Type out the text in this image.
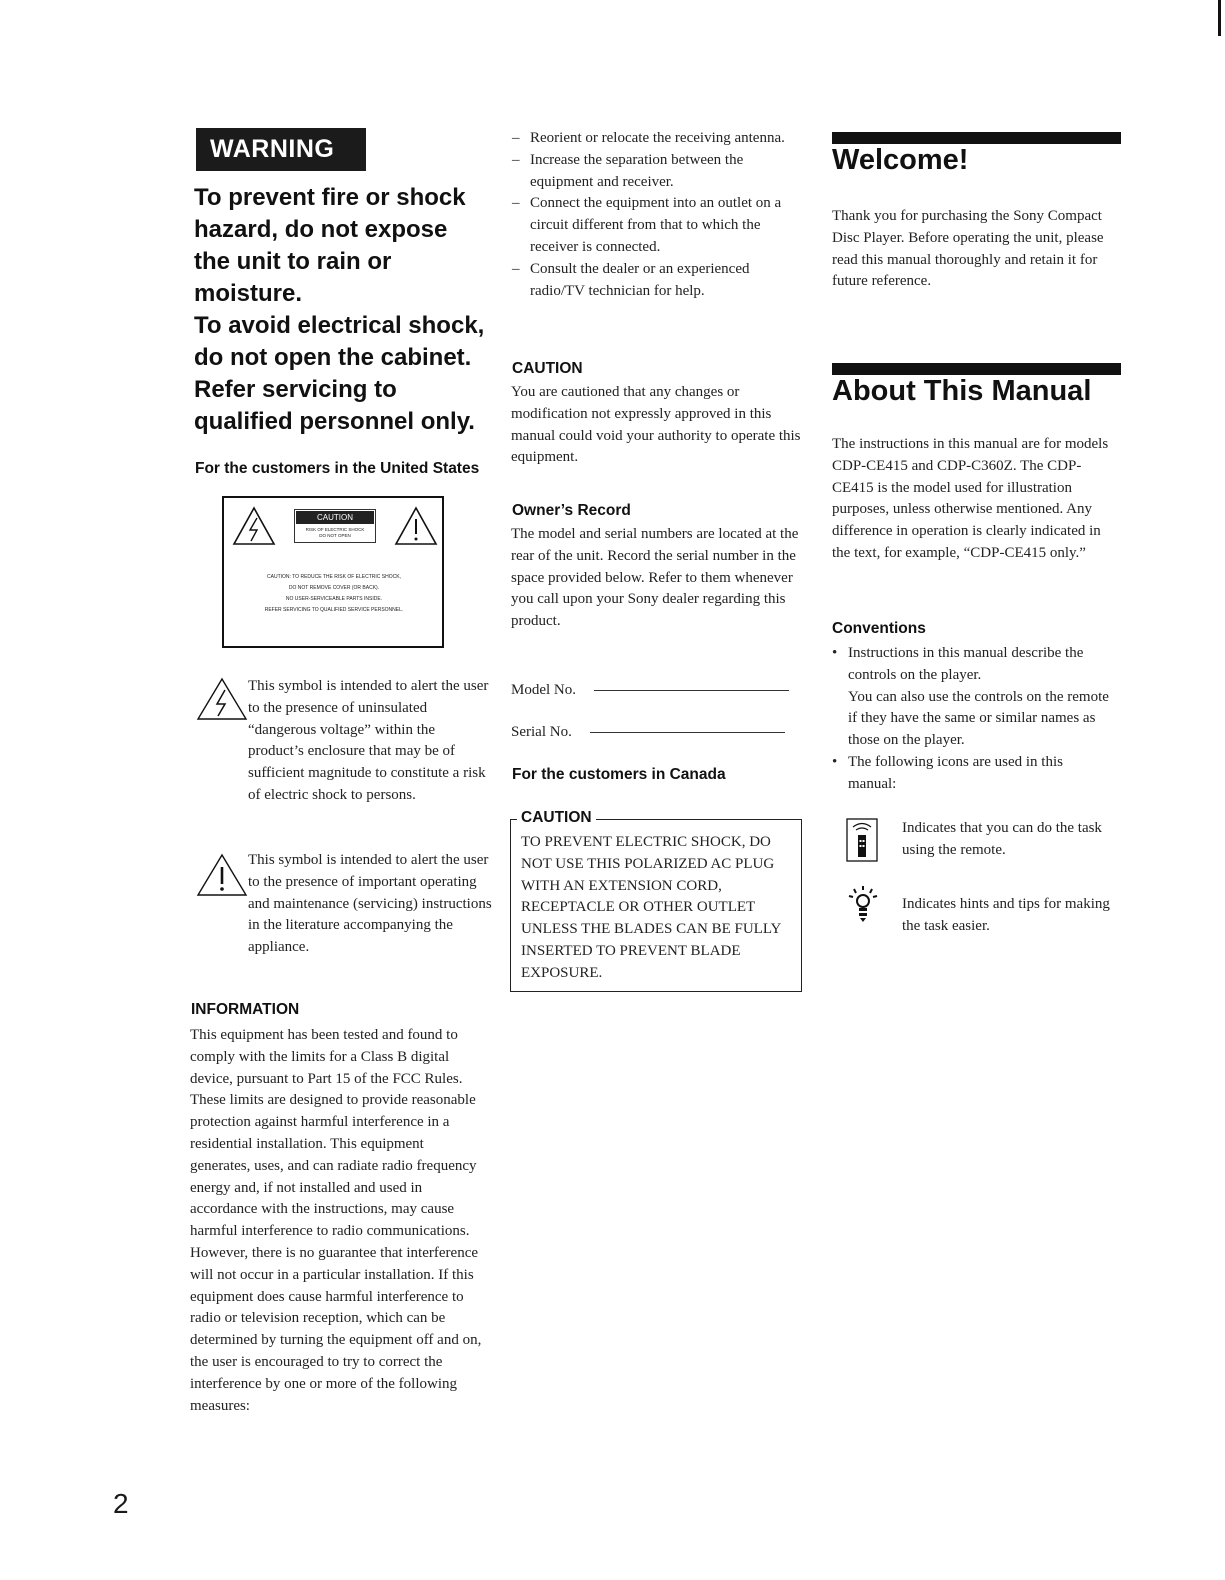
WARNING
To prevent fire or shock
hazard, do not expose
the unit to rain or
moisture.
To avoid electrical shock,
do not open the cabinet.
Refer servicing to
qualified personnel only.
For the customers in the United States
CAUTION
RISK OF ELECTRIC SHOCK
DO NOT OPEN
CAUTION: TO REDUCE THE RISK OF ELECTRIC SHOCK,
DO NOT REMOVE COVER (OR BACK).
NO USER-SERVICEABLE PARTS INSIDE.
REFER SERVICING TO QUALIFIED SERVICE PERSONNEL.
This symbol is intended to alert the user to the presence of uninsulated “dangerous voltage” within the product’s enclosure that may be of sufficient magnitude to constitute a risk of electric shock to persons.
This symbol is intended to alert the user to the presence of important operating and maintenance (servicing) instructions in the literature accompanying the appliance.
INFORMATION
This equipment has been tested and found to comply with the limits for a Class B digital device, pursuant to Part 15 of the FCC Rules. These limits are designed to provide reasonable protection against harmful interference in a residential installation. This equipment generates, uses, and can radiate radio frequency energy and, if not installed and used in accordance with the instructions, may cause harmful interference to radio communications. However, there is no guarantee that interference will not occur in a particular installation. If this equipment does cause harmful interference to radio or television reception, which can be determined by turning the equipment off and on, the user is encouraged to try to correct the interference by one or more of the following measures:
– Reorient or relocate the receiving antenna.
– Increase the separation between the equipment and receiver.
– Connect the equipment into an outlet on a circuit different from that to which the receiver is connected.
– Consult the dealer or an experienced radio/TV technician for help.
CAUTION
You are cautioned that any changes or modification not expressly approved in this manual could void your authority to operate this equipment.
Owner’s Record
The model and serial numbers are located at the rear of the unit. Record the serial number in the space provided below. Refer to them whenever you call upon your Sony dealer regarding this product.
Model No.
Serial No.
For the customers in Canada
CAUTION
TO PREVENT ELECTRIC SHOCK, DO NOT USE THIS POLARIZED AC PLUG WITH AN EXTENSION CORD, RECEPTACLE OR OTHER OUTLET UNLESS THE BLADES CAN BE FULLY INSERTED TO PREVENT BLADE EXPOSURE.
Welcome!
Thank you for purchasing the Sony Compact Disc Player. Before operating the unit, please read this manual thoroughly and retain it for future reference.
About This Manual
The instructions in this manual are for models CDP-CE415 and CDP-C360Z. The CDP-CE415 is the model used for illustration purposes, unless otherwise mentioned. Any difference in operation is clearly indicated in the text, for example, “CDP-CE415 only.”
Conventions
• Instructions in this manual describe the controls on the player.
You can also use the controls on the remote if they have the same or similar names as those on the player.
• The following icons are used in this manual:
Indicates that you can do the task using the remote.
Indicates hints and tips for making the task easier.
2
